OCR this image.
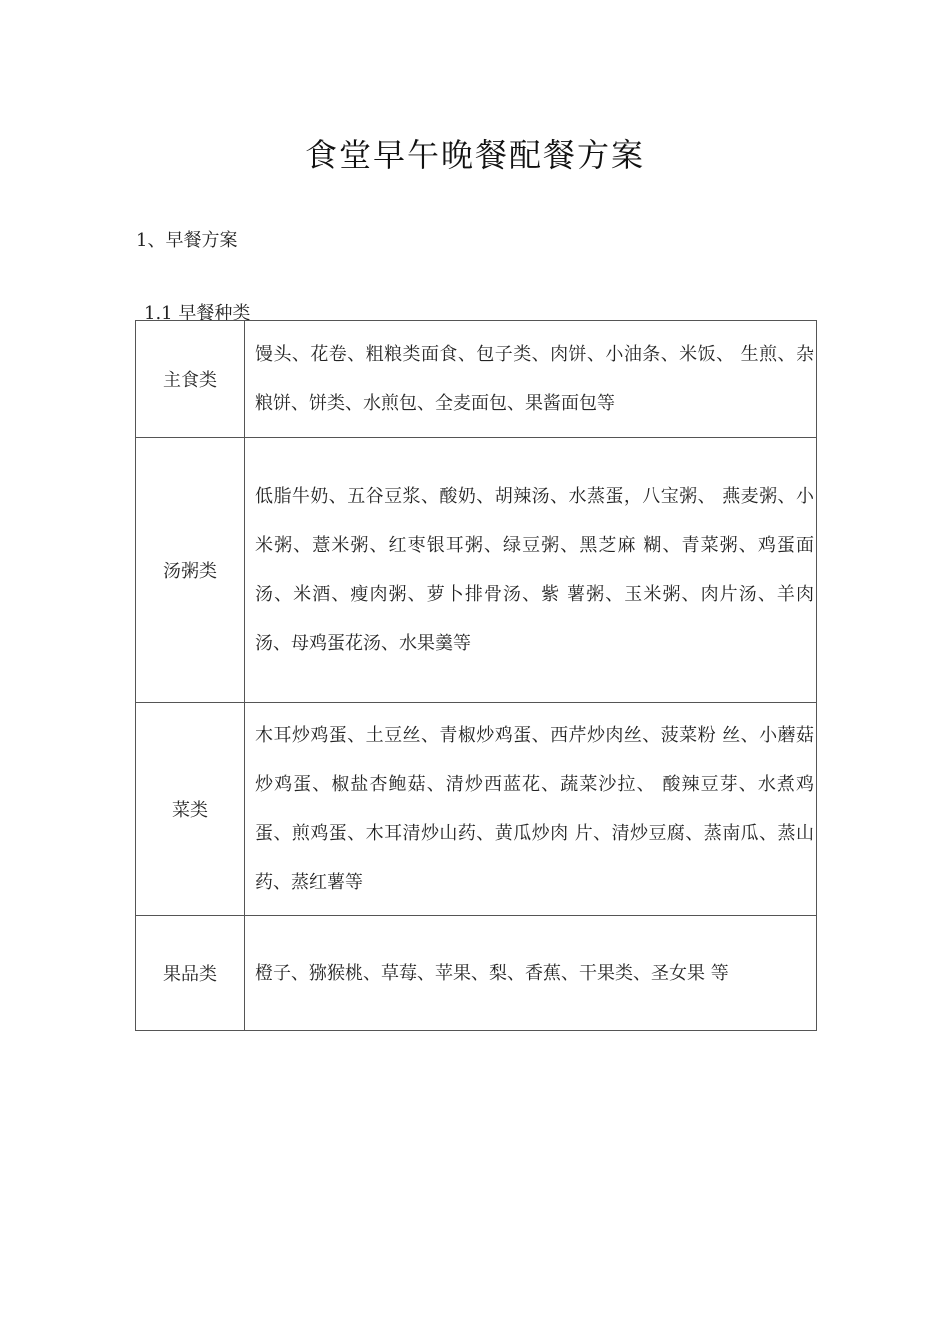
食堂早午晚餐配餐方案
1、早餐方案
1.1 早餐种类
主食类	馒头、花卷、粗粮类面食、包子类、肉饼、小油条、米饭、 生煎、杂粮饼、饼类、水煎包、全麦面包、果酱面包等
汤粥类	低脂牛奶、五谷豆浆、酸奶、胡辣汤、水蒸蛋，八宝粥、 燕麦粥、小米粥、薏米粥、红枣银耳粥、绿豆粥、黑芝麻 糊、青菜粥、鸡蛋面汤、米酒、瘦肉粥、萝卜排骨汤、紫 薯粥、玉米粥、肉片汤、羊肉汤、母鸡蛋花汤、水果羹等
菜类	木耳炒鸡蛋、土豆丝、青椒炒鸡蛋、西芹炒肉丝、菠菜粉 丝、小蘑菇炒鸡蛋、椒盐杏鲍菇、清炒西蓝花、蔬菜沙拉、 酸辣豆芽、水煮鸡蛋、煎鸡蛋、木耳清炒山药、黄瓜炒肉 片、清炒豆腐、蒸南瓜、蒸山药、蒸红薯等
果品类	橙子、猕猴桃、草莓、苹果、梨、香蕉、干果类、圣女果 等
